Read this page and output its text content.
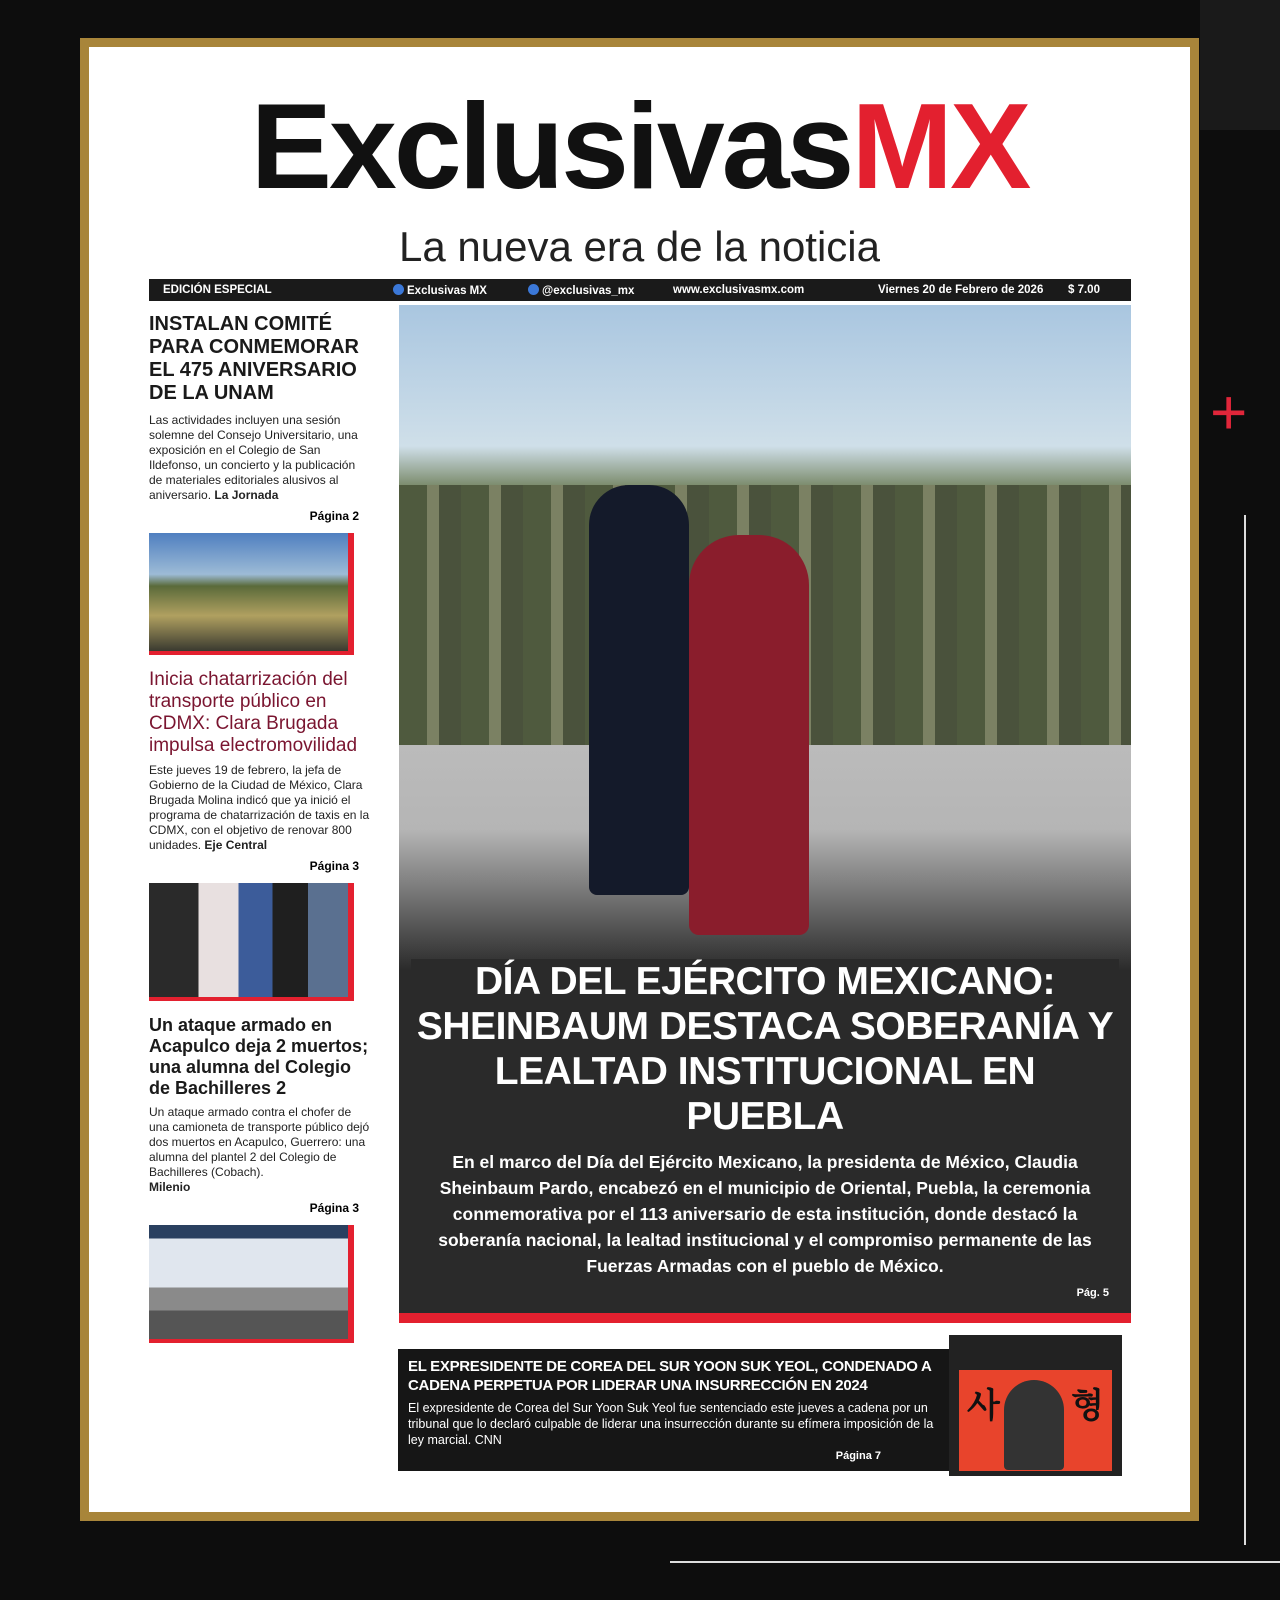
+
ExclusivasMX
La nueva era de la noticia
EDICIÓN ESPECIAL	Exclusivas MX	@exclusivas_mx	www.exclusivasmx.com	Viernes 20 de Febrero de 2026	$ 7.00
INSTALAN COMITÉ PARA CONMEMORAR EL 475 ANIVERSARIO DE LA UNAM
Las actividades incluyen una sesión solemne del Consejo Universitario, una exposición en el Colegio de San Ildefonso, un concierto y la publicación de materiales editoriales alusivos al aniversario. La Jornada
Página 2
Inicia chatarrización del transporte público en CDMX: Clara Brugada impulsa electromovilidad
Este jueves 19 de febrero, la jefa de Gobierno de la Ciudad de México, Clara Brugada Molina indicó que ya inició el programa de chatarrización de taxis en la CDMX, con el objetivo de renovar 800 unidades. Eje Central
Página 3
Un ataque armado en Acapulco deja 2 muertos; una alumna del Colegio de Bachilleres 2
Un ataque armado contra el chofer de una camioneta de transporte público dejó dos muertos en Acapulco, Guerrero: una alumna del plantel 2 del Colegio de Bachilleres (Cobach).
Milenio
Página 3
DÍA DEL EJÉRCITO MEXICANO: SHEINBAUM DESTACA SOBERANÍA Y LEALTAD INSTITUCIONAL EN PUEBLA
En el marco del Día del Ejército Mexicano, la presidenta de México, Claudia Sheinbaum Pardo, encabezó en el municipio de Oriental, Puebla, la ceremonia conmemorativa por el 113 aniversario de esta institución, donde destacó la soberanía nacional, la lealtad institucional y el compromiso permanente de las Fuerzas Armadas con el pueblo de México.
Pág. 5
EL EXPRESIDENTE DE COREA DEL SUR YOON SUK YEOL, CONDENADO A CADENA PERPETUA POR LIDERAR UNA INSURRECCIÓN EN 2024
El expresidente de Corea del Sur Yoon Suk Yeol fue sentenciado este jueves a cadena por un tribunal que lo declaró culpable de liderar una insurrección durante su efímera imposición de la ley marcial. CNN
Página 7
사 형
